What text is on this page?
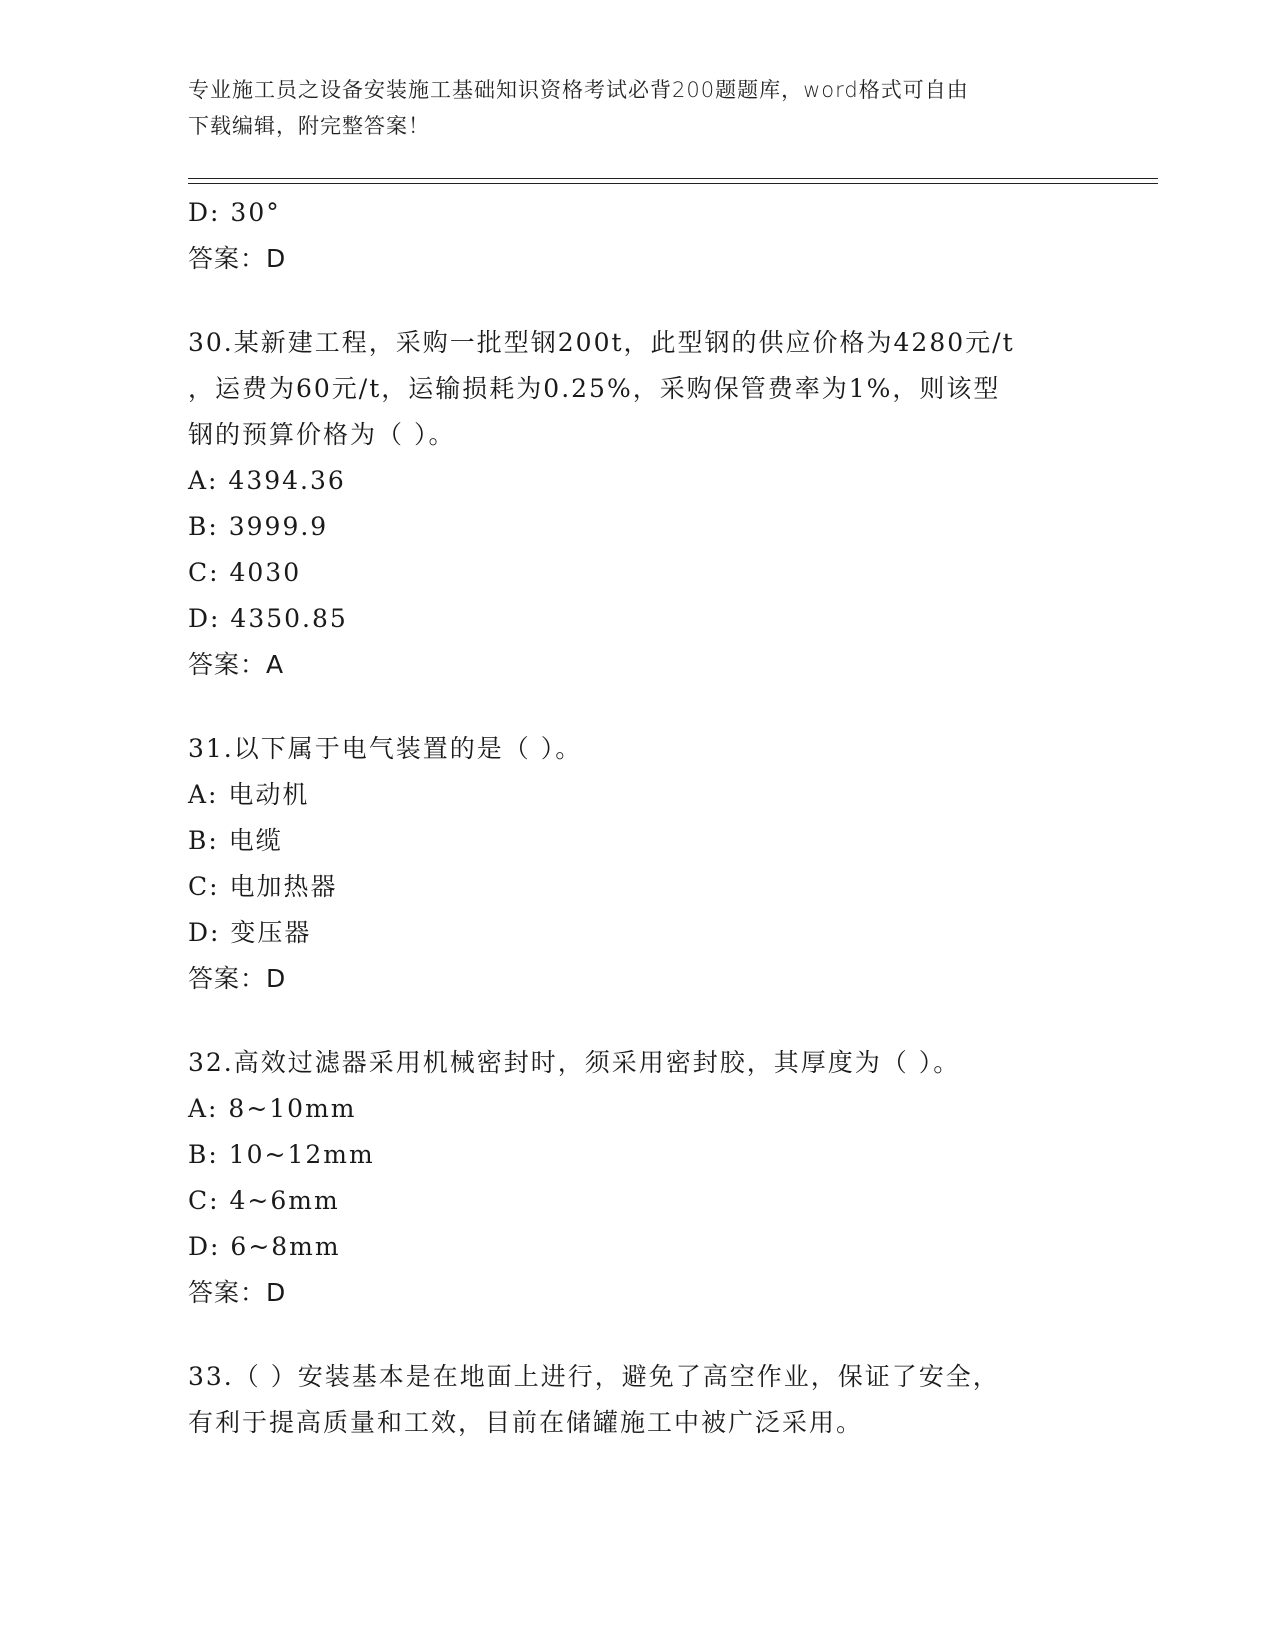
专业施工员之设备安装施工基础知识资格考试必背200题题库，word格式可自由
下载编辑，附完整答案！
D: 30°
答案：D
30.某新建工程，采购一批型钢200t，此型钢的供应价格为4280元/t
，运费为60元/t，运输损耗为0.25%，采购保管费率为1%，则该型
钢的预算价格为（ ）。
A: 4394.36
B: 3999.9
C: 4030
D: 4350.85
答案：A
31.以下属于电气装置的是（ ）。
A: 电动机
B: 电缆
C: 电加热器
D: 变压器
答案：D
32.高效过滤器采用机械密封时，须采用密封胶，其厚度为（ ）。
A: 8~10mm
B: 10~12mm
C: 4~6mm
D: 6~8mm
答案：D
33.（ ）安装基本是在地面上进行，避免了高空作业，保证了安全，
有利于提高质量和工效，目前在储罐施工中被广泛采用。
